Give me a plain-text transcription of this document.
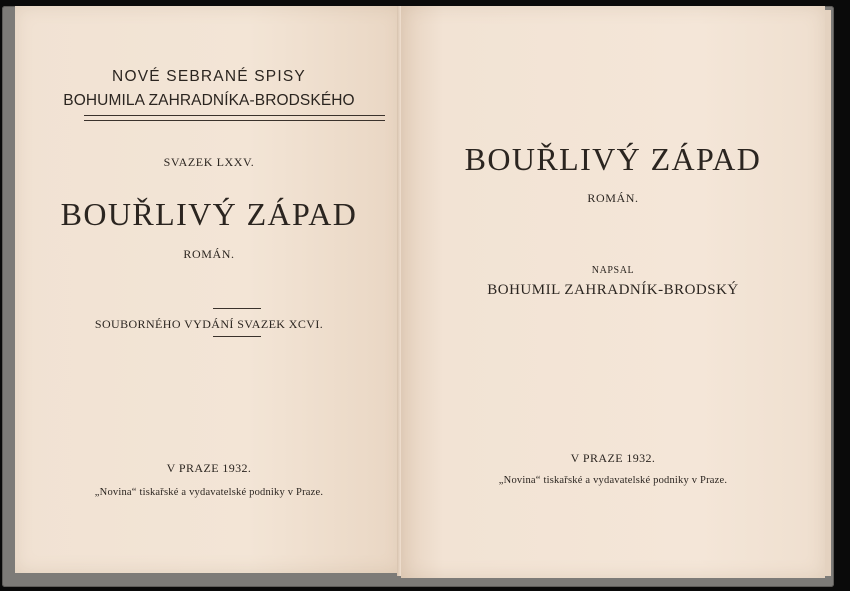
NOVÉ SEBRANÉ SPISY
BOHUMILA ZAHRADNÍKA-BRODSKÉHO
SVAZEK LXXV.
BOUŘLIVÝ ZÁPAD
ROMÁN.
SOUBORNÉHO VYDÁNÍ SVAZEK XCVI.
V PRAZE 1932.
„Novina“ tiskařské a vydavatelské podniky v Praze.
BOUŘLIVÝ ZÁPAD
ROMÁN.
NAPSAL
BOHUMIL ZAHRADNÍK-BRODSKÝ
V PRAZE 1932.
„Novina“ tiskařské a vydavatelské podniky v Praze.
